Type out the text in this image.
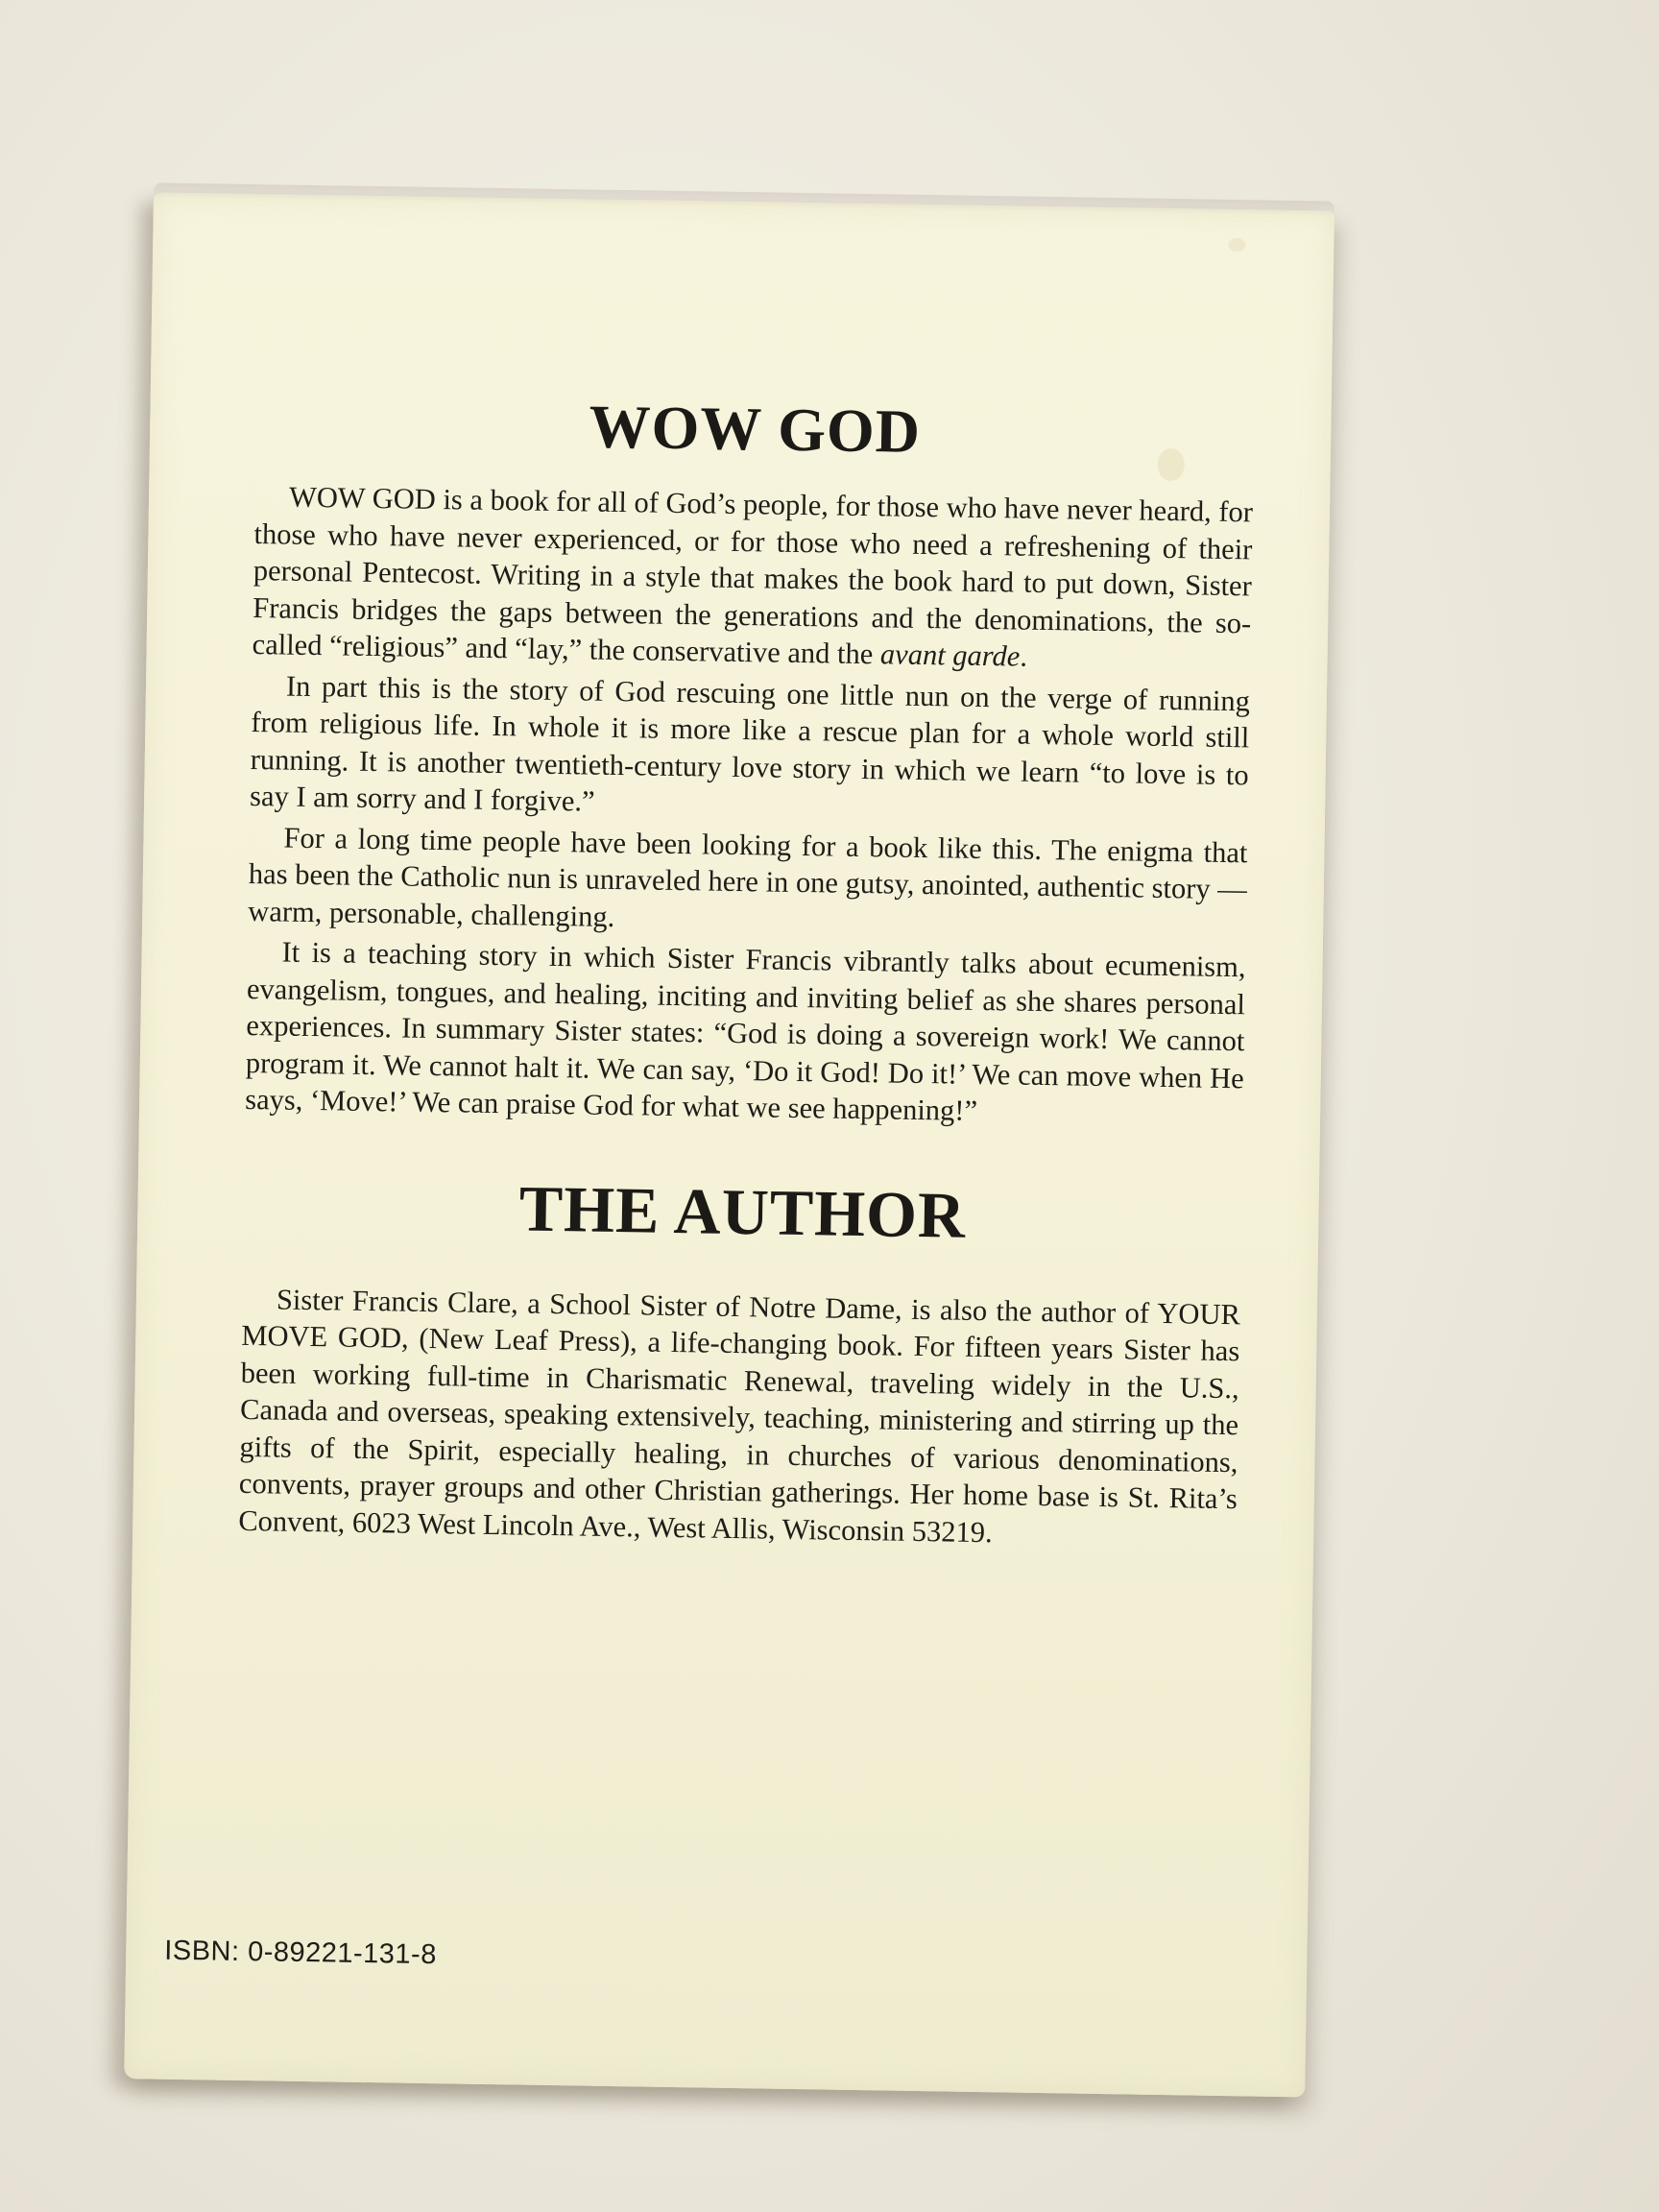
WOW GOD

WOW GOD is a book for all of God’s people, for those who have never heard, for those who have never experienced, or for those who need a refreshening of their personal Pentecost. Writing in a style that makes the book hard to put down, Sister Francis bridges the gaps between the generations and the denominations, the so-called “religious” and “lay,” the conservative and the avant garde.

In part this is the story of God rescuing one little nun on the verge of running from religious life. In whole it is more like a rescue plan for a whole world still running. It is another twentieth-century love story in which we learn “to love is to say I am sorry and I forgive.”

For a long time people have been looking for a book like this. The enigma that has been the Catholic nun is unraveled here in one gutsy, anointed, authentic story — warm, personable, challenging.

It is a teaching story in which Sister Francis vibrantly talks about ecumenism, evangelism, tongues, and healing, inciting and inviting belief as she shares personal experiences. In summary Sister states: “God is doing a sovereign work! We cannot program it. We cannot halt it. We can say, ‘Do it God! Do it!’ We can move when He says, ‘Move!’ We can praise God for what we see happening!”

THE AUTHOR

Sister Francis Clare, a School Sister of Notre Dame, is also the author of YOUR MOVE GOD, (New Leaf Press), a life-changing book. For fifteen years Sister has been working full-time in Charismatic Renewal, traveling widely in the U.S., Canada and overseas, speaking extensively, teaching, ministering and stirring up the gifts of the Spirit, especially healing, in churches of various denominations, convents, prayer groups and other Christian gatherings. Her home base is St. Rita’s Convent, 6023 West Lincoln Ave., West Allis, Wisconsin 53219.

ISBN: 0-89221-131-8
